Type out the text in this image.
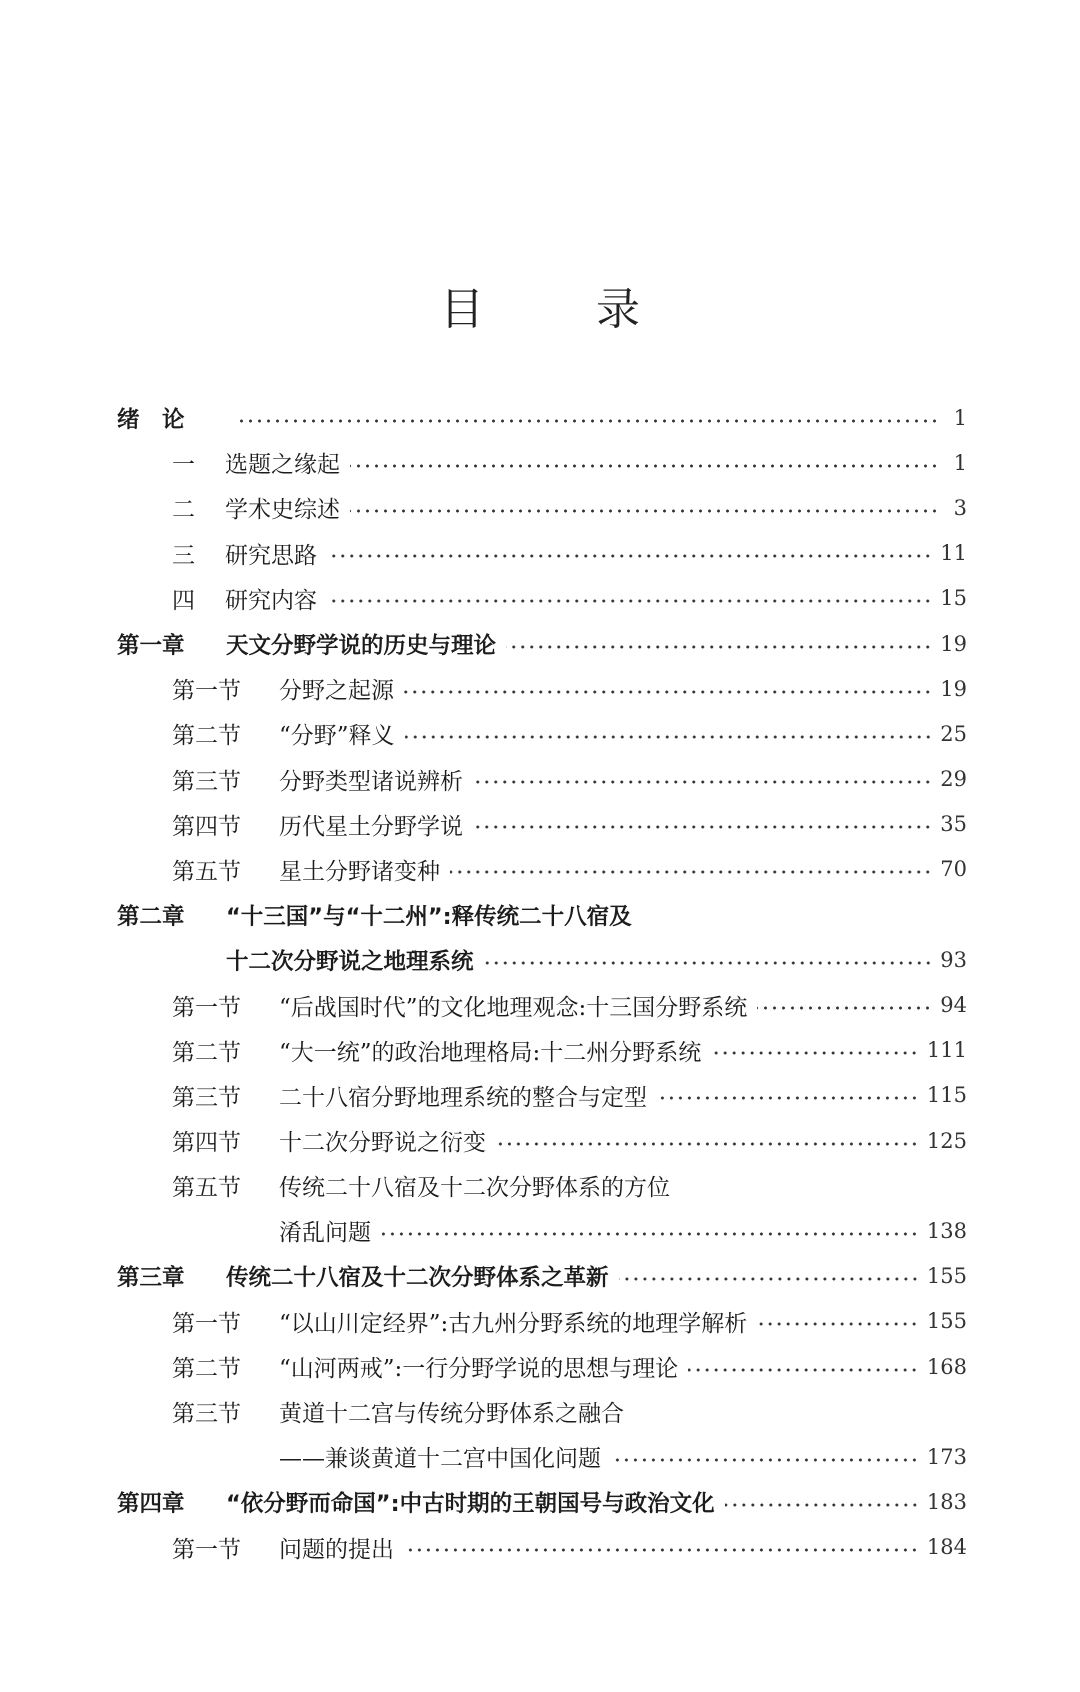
目　录
绪　论	1
一	选题之缘起	1
二	学术史综述	3
三	研究思路	11
四	研究内容	15
第一章	天文分野学说的历史与理论	19
第一节	分野之起源	19
第二节	“分野”释义	25
第三节	分野类型诸说辨析	29
第四节	历代星土分野学说	35
第五节	星土分野诸变种	70
第二章	“十三国”与“十二州”:释传统二十八宿及
十二次分野说之地理系统	93
第一节	“后战国时代”的文化地理观念:十三国分野系统	94
第二节	“大一统”的政治地理格局:十二州分野系统	111
第三节	二十八宿分野地理系统的整合与定型	115
第四节	十二次分野说之衍变	125
第五节	传统二十八宿及十二次分野体系的方位
淆乱问题	138
第三章	传统二十八宿及十二次分野体系之革新	155
第一节	“以山川定经界”:古九州分野系统的地理学解析	155
第二节	“山河两戒”:一行分野学说的思想与理论	168
第三节	黄道十二宫与传统分野体系之融合
——兼谈黄道十二宫中国化问题	173
第四章	“依分野而命国”:中古时期的王朝国号与政治文化	183
第一节	问题的提出	184
